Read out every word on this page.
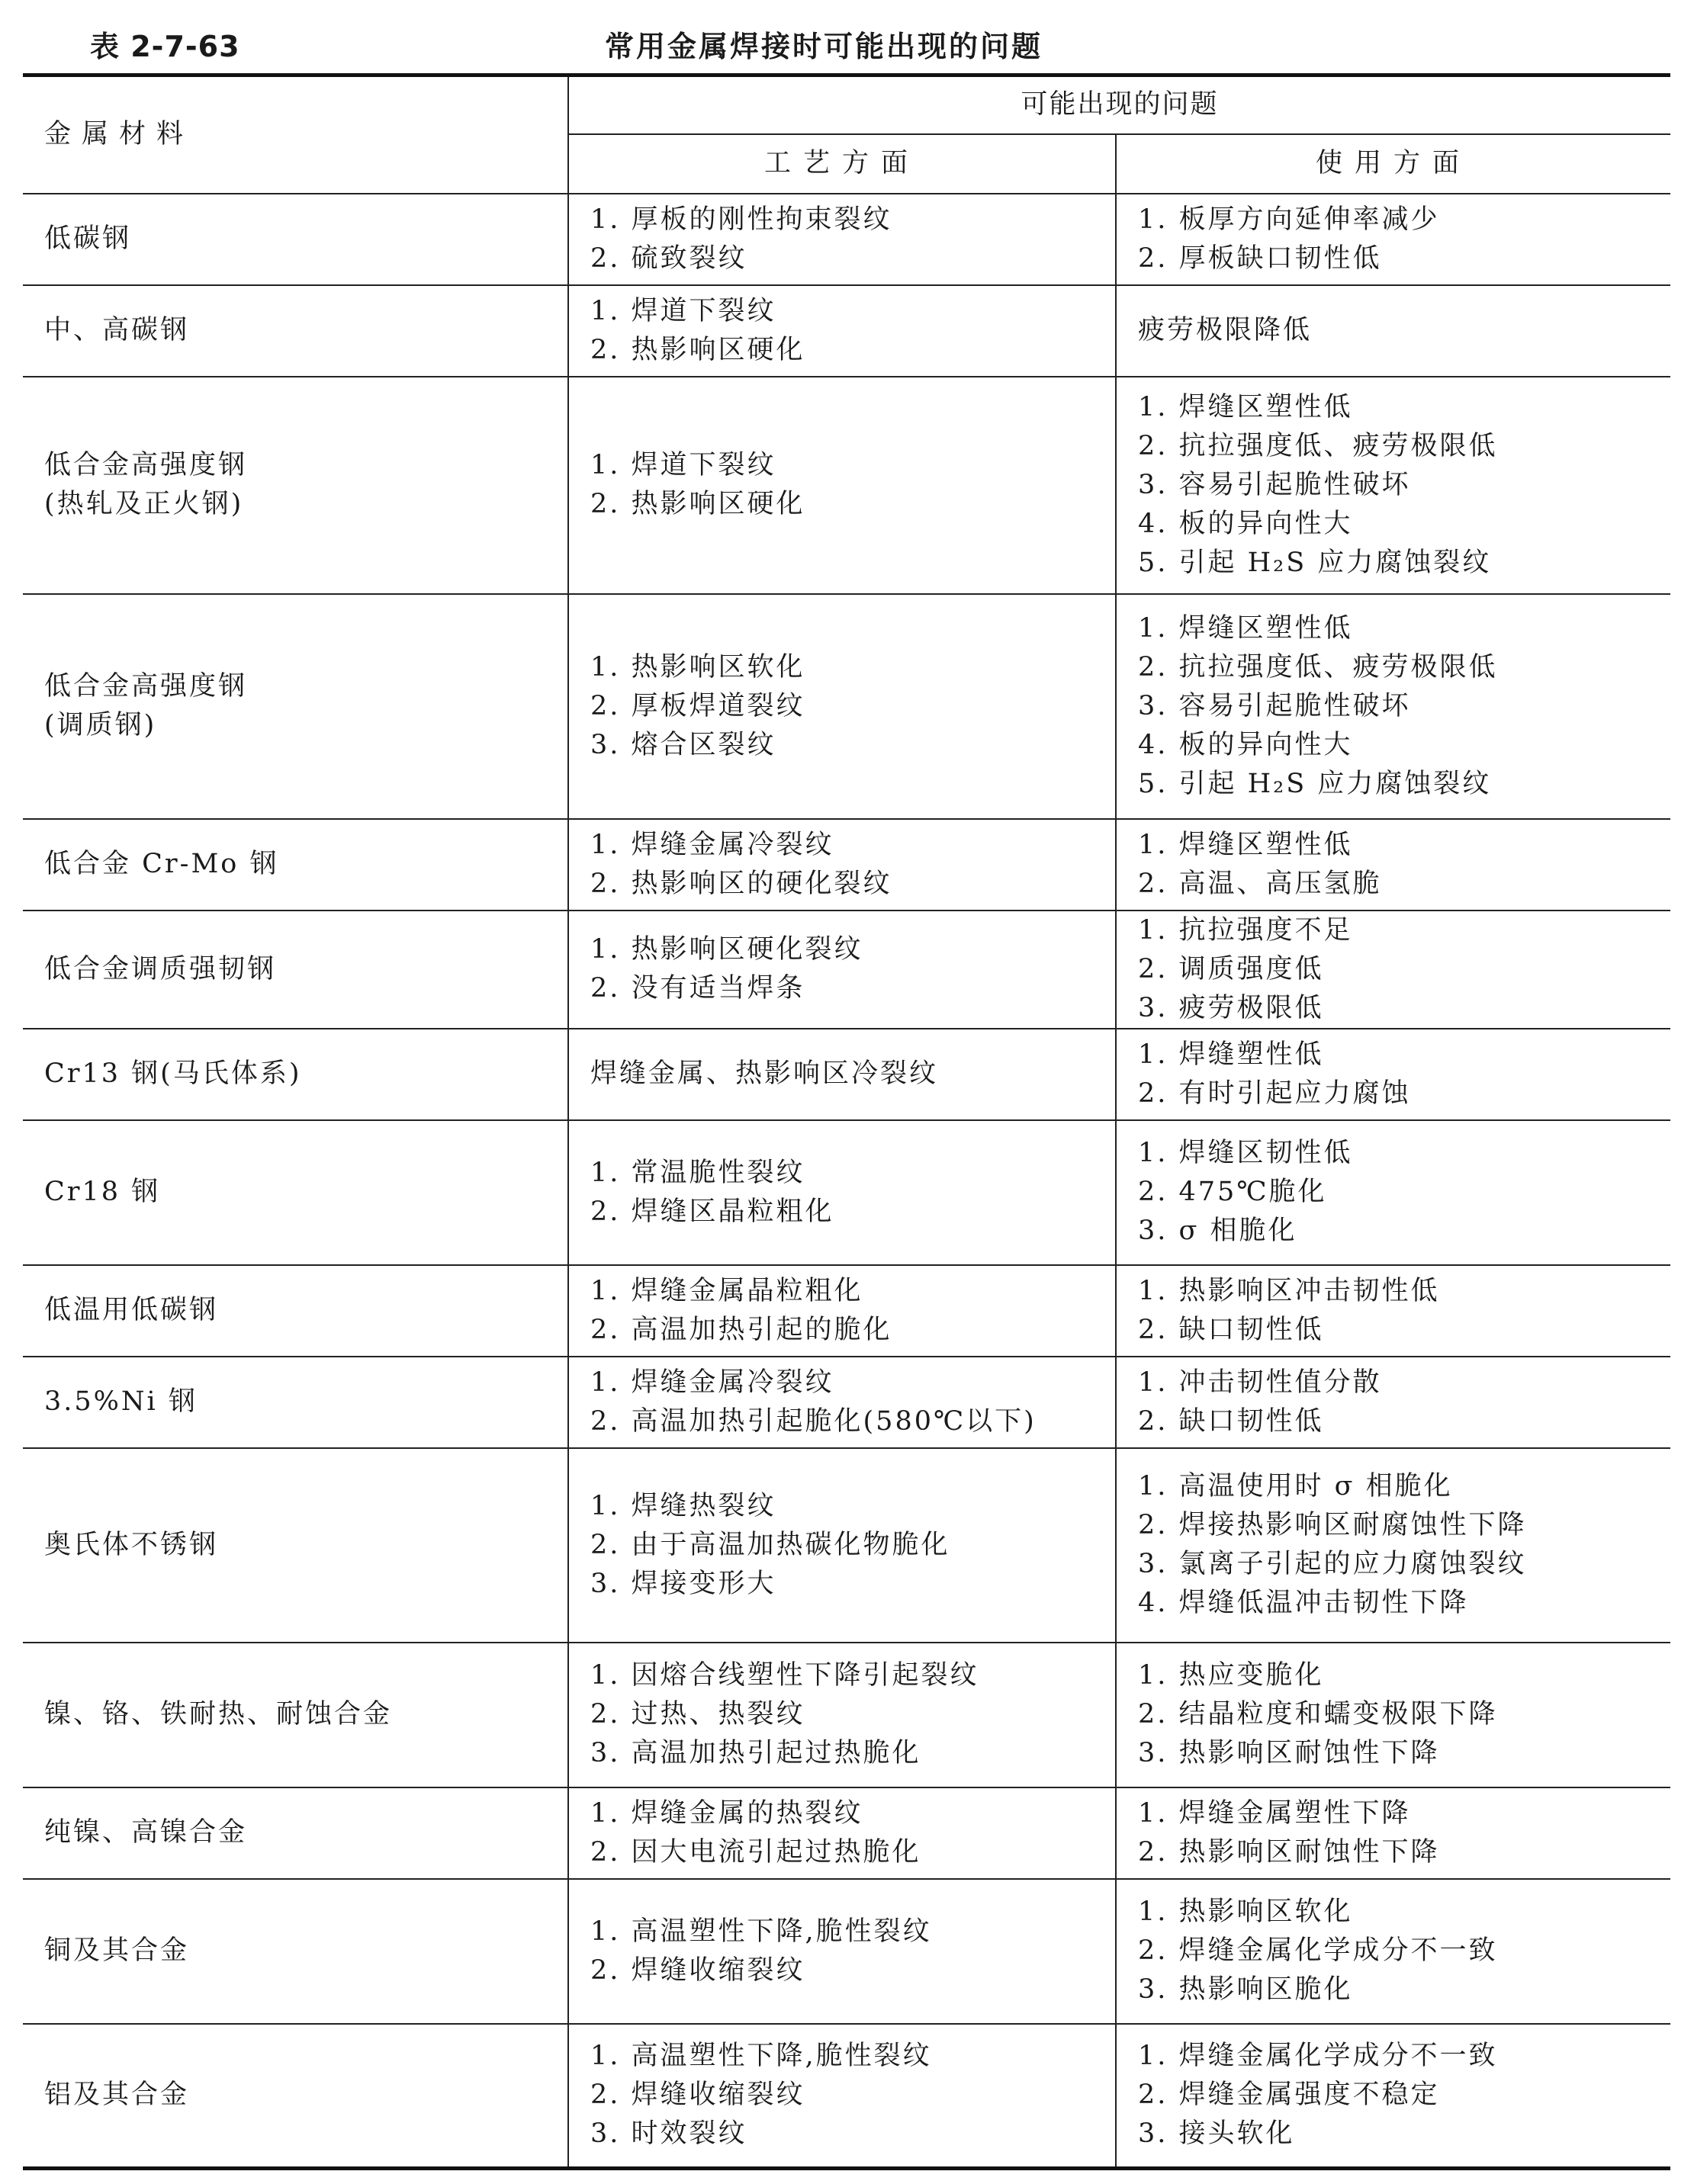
表 2-7-63	常用金属焊接时可能出现的问题
金属材料	可能出现的问题	
	工艺方面	使用方面

低碳钢	1. 厚板的刚性拘束裂纹
2. 硫致裂纹	1. 板厚方向延伸率减少
2. 厚板缺口韧性低

中、高碳钢	1. 焊道下裂纹
2. 热影响区硬化	疲劳极限降低

低合金高强度钢
(热轧及正火钢)	1. 焊道下裂纹
2. 热影响区硬化	1. 焊缝区塑性低
2. 抗拉强度低、疲劳极限低
3. 容易引起脆性破坏
4. 板的异向性大
5. 引起 H₂S 应力腐蚀裂纹

低合金高强度钢
(调质钢)	1. 热影响区软化
2. 厚板焊道裂纹
3. 熔合区裂纹	1. 焊缝区塑性低
2. 抗拉强度低、疲劳极限低
3. 容易引起脆性破坏
4. 板的异向性大
5. 引起 H₂S 应力腐蚀裂纹

低合金 Cr-Mo 钢	1. 焊缝金属冷裂纹
2. 热影响区的硬化裂纹	1. 焊缝区塑性低
2. 高温、高压氢脆

低合金调质强韧钢	1. 热影响区硬化裂纹
2. 没有适当焊条	1. 抗拉强度不足
2. 调质强度低
3. 疲劳极限低

Cr13 钢(马氏体系)	焊缝金属、热影响区冷裂纹	1. 焊缝塑性低
2. 有时引起应力腐蚀

Cr18 钢	1. 常温脆性裂纹
2. 焊缝区晶粒粗化	1. 焊缝区韧性低
2. 475℃脆化
3. σ 相脆化

低温用低碳钢	1. 焊缝金属晶粒粗化
2. 高温加热引起的脆化	1. 热影响区冲击韧性低
2. 缺口韧性低

3.5%Ni 钢	1. 焊缝金属冷裂纹
2. 高温加热引起脆化(580℃以下)	1. 冲击韧性值分散
2. 缺口韧性低

奥氏体不锈钢	1. 焊缝热裂纹
2. 由于高温加热碳化物脆化
3. 焊接变形大	1. 高温使用时 σ 相脆化
2. 焊接热影响区耐腐蚀性下降
3. 氯离子引起的应力腐蚀裂纹
4. 焊缝低温冲击韧性下降

镍、铬、铁耐热、耐蚀合金	1. 因熔合线塑性下降引起裂纹
2. 过热、热裂纹
3. 高温加热引起过热脆化	1. 热应变脆化
2. 结晶粒度和蠕变极限下降
3. 热影响区耐蚀性下降

纯镍、高镍合金	1. 焊缝金属的热裂纹
2. 因大电流引起过热脆化	1. 焊缝金属塑性下降
2. 热影响区耐蚀性下降

铜及其合金	1. 高温塑性下降,脆性裂纹
2. 焊缝收缩裂纹	1. 热影响区软化
2. 焊缝金属化学成分不一致
3. 热影响区脆化

铝及其合金	1. 高温塑性下降,脆性裂纹
2. 焊缝收缩裂纹
3. 时效裂纹	1. 焊缝金属化学成分不一致
2. 焊缝金属强度不稳定
3. 接头软化
